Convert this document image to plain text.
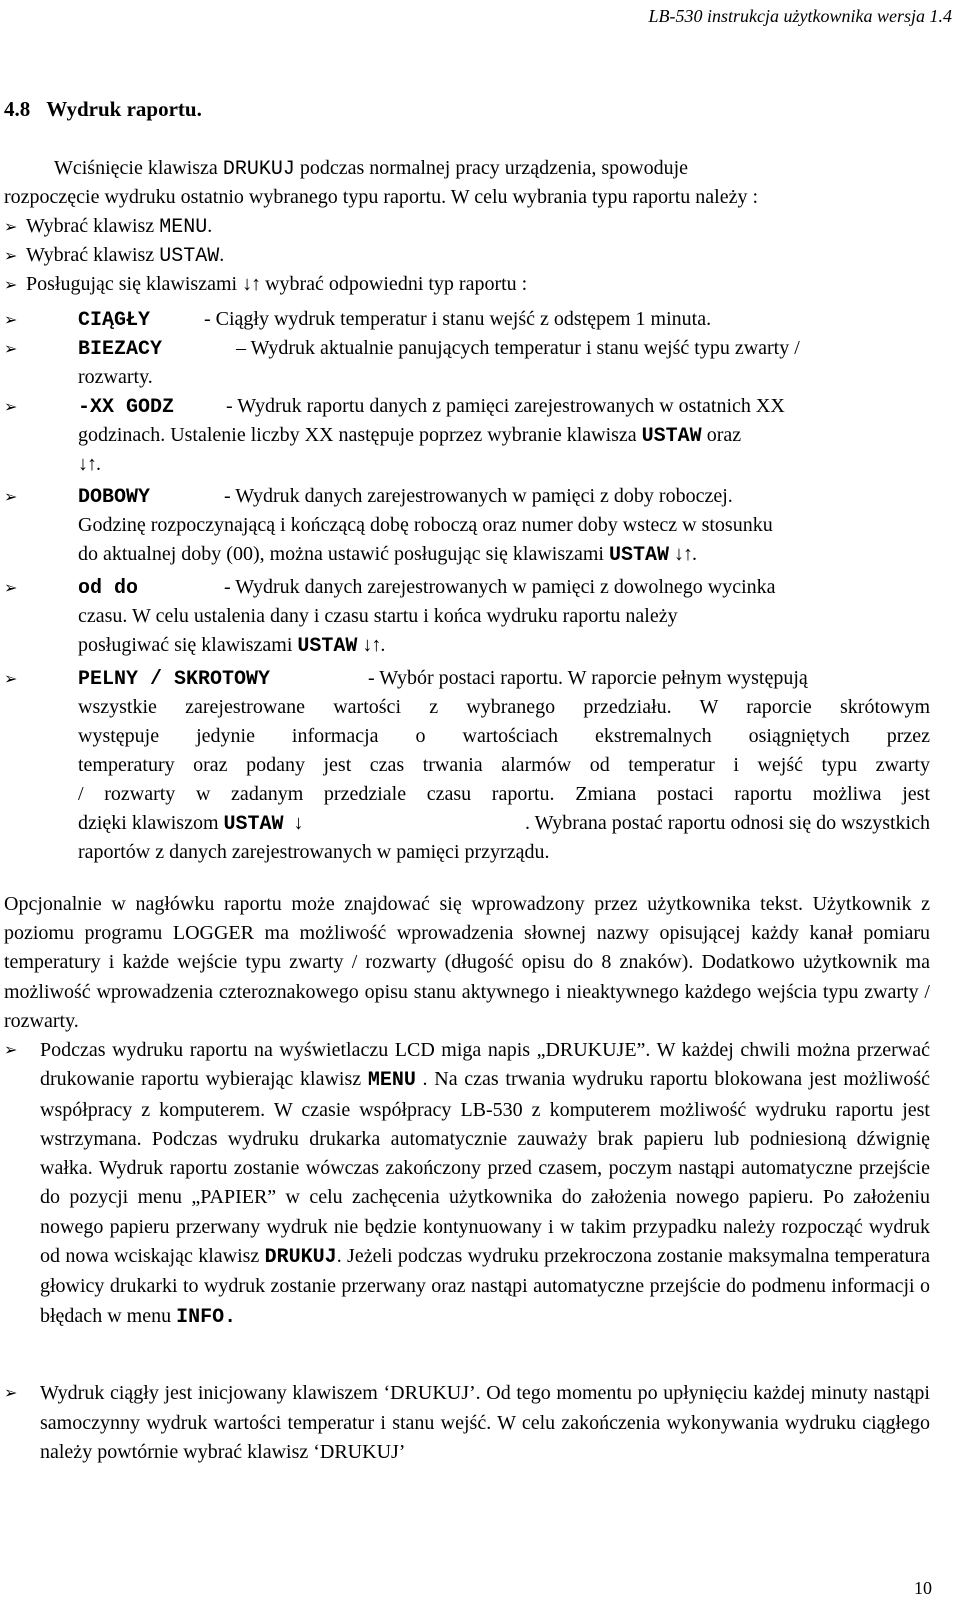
LB-530 instrukcja użytkownika wersja 1.4
4.8 Wydruk raportu.
Wciśnięcie klawisza DRUKUJ podczas normalnej pracy urządzenia, spowoduje
rozpoczęcie wydruku ostatnio wybranego typu raportu. W celu wybrania typu raportu należy :
➢ Wybrać klawisz MENU.
➢ Wybrać klawisz USTAW.
➢ Posługując się klawiszami ↓↑ wybrać odpowiedni typ raportu :
➢	CIĄGŁY	- Ciągły wydruk temperatur i stanu wejść z odstępem 1 minuta.
➢	BIEZACY	– Wydruk aktualnie panujących temperatur i stanu wejść typu zwarty /
rozwarty.
➢	-XX GODZ	- Wydruk raportu danych z pamięci zarejestrowanych w ostatnich XX
godzinach. Ustalenie liczby XX następuje poprzez wybranie klawisza USTAW oraz
↓↑.
➢	DOBOWY	- Wydruk danych zarejestrowanych w pamięci z doby roboczej.
Godzinę rozpoczynającą i kończącą dobę roboczą oraz numer doby wstecz w stosunku
do aktualnej doby (00), można ustawić posługując się klawiszami USTAW ↓↑.
➢	od do	- Wydruk danych zarejestrowanych w pamięci z dowolnego wycinka
czasu. W celu ustalenia dany i czasu startu i końca wydruku raportu należy
posługiwać się klawiszami USTAW ↓↑.
➢	PELNY / SKROTOWY	- Wybór postaci raportu. W raporcie pełnym występują
wszystkie zarejestrowane wartości z wybranego przedziału. W raporcie skrótowym
występuje jedynie informacja o wartościach ekstremalnych osiągniętych przez
temperatury oraz podany jest czas trwania alarmów od temperatur i wejść typu zwarty
/ rozwarty w zadanym przedziale czasu raportu. Zmiana postaci raportu możliwa jest
dzięki klawiszom USTAW ↓	. Wybrana postać raportu odnosi się do wszystkich
raportów z danych zarejestrowanych w pamięci przyrządu.
Opcjonalnie w nagłówku raportu może znajdować się wprowadzony przez użytkownika tekst. Użytkownik z poziomu programu LOGGER ma możliwość wprowadzenia słownej nazwy opisującej każdy kanał pomiaru temperatury i każde wejście typu zwarty / rozwarty (długość opisu do 8 znaków). Dodatkowo użytkownik ma możliwość wprowadzenia czteroznakowego opisu stanu aktywnego i nieaktywnego każdego wejścia typu zwarty / rozwarty.
➢	Podczas wydruku raportu na wyświetlaczu LCD miga napis „DRUKUJE”. W każdej chwili można przerwać drukowanie raportu wybierając klawisz MENU . Na czas trwania wydruku raportu blokowana jest możliwość współpracy z komputerem. W czasie współpracy LB-530 z komputerem możliwość wydruku raportu jest wstrzymana. Podczas wydruku drukarka automatycznie zauważy brak papieru lub podniesioną dźwignię wałka. Wydruk raportu zostanie wówczas zakończony przed czasem, poczym nastąpi automatyczne przejście do pozycji menu „PAPIER” w celu zachęcenia użytkownika do założenia nowego papieru. Po założeniu nowego papieru przerwany wydruk nie będzie kontynuowany i w takim przypadku należy rozpocząć wydruk od nowa wciskając klawisz DRUKUJ. Jeżeli podczas wydruku przekroczona zostanie maksymalna temperatura głowicy drukarki to wydruk zostanie przerwany oraz nastąpi automatyczne przejście do podmenu informacji o błędach w menu INFO.

➢	Wydruk ciągły jest inicjowany klawiszem ‘DRUKUJ’. Od tego momentu po upłynięciu każdej minuty nastąpi samoczynny wydruk wartości temperatur i stanu wejść. W celu zakończenia wykonywania wydruku ciągłego należy powtórnie wybrać klawisz ‘DRUKUJ’

10
